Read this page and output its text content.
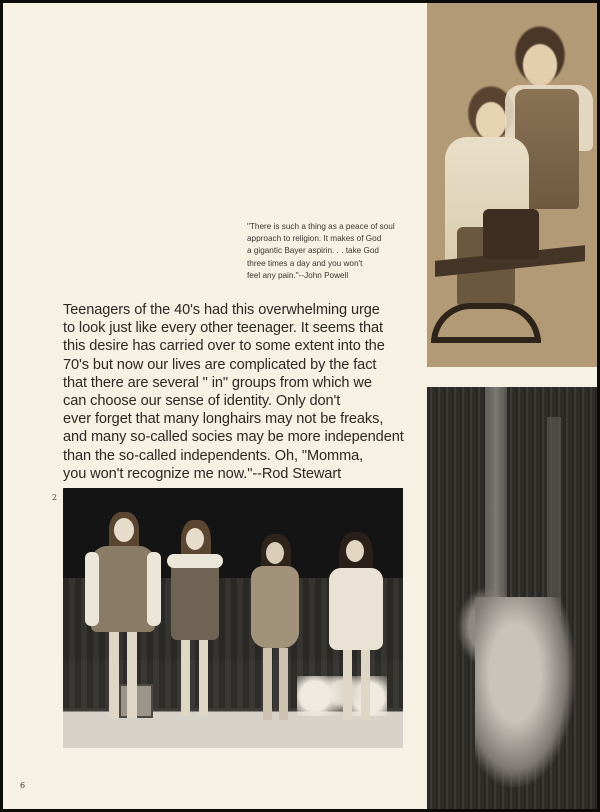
"There is such a thing as a peace of soul
approach to religion. It makes of God
a gigantic Bayer aspirin. . . take God
three times a day and you won't
feel any pain."--John Powell
Teenagers of the 40's had this overwhelming urge
to look just like every other teenager. It seems that
this desire has carried over to some extent into the
70's but now our lives are complicated by the fact
that there are several " in" groups from which we
can choose our sense of identity. Only don't
ever forget that many longhairs may not be freaks,
and many so-called socies may be more independent
than the so-called independents. Oh, "Momma,
you won't recognize me now."--Rod Stewart
2
6
